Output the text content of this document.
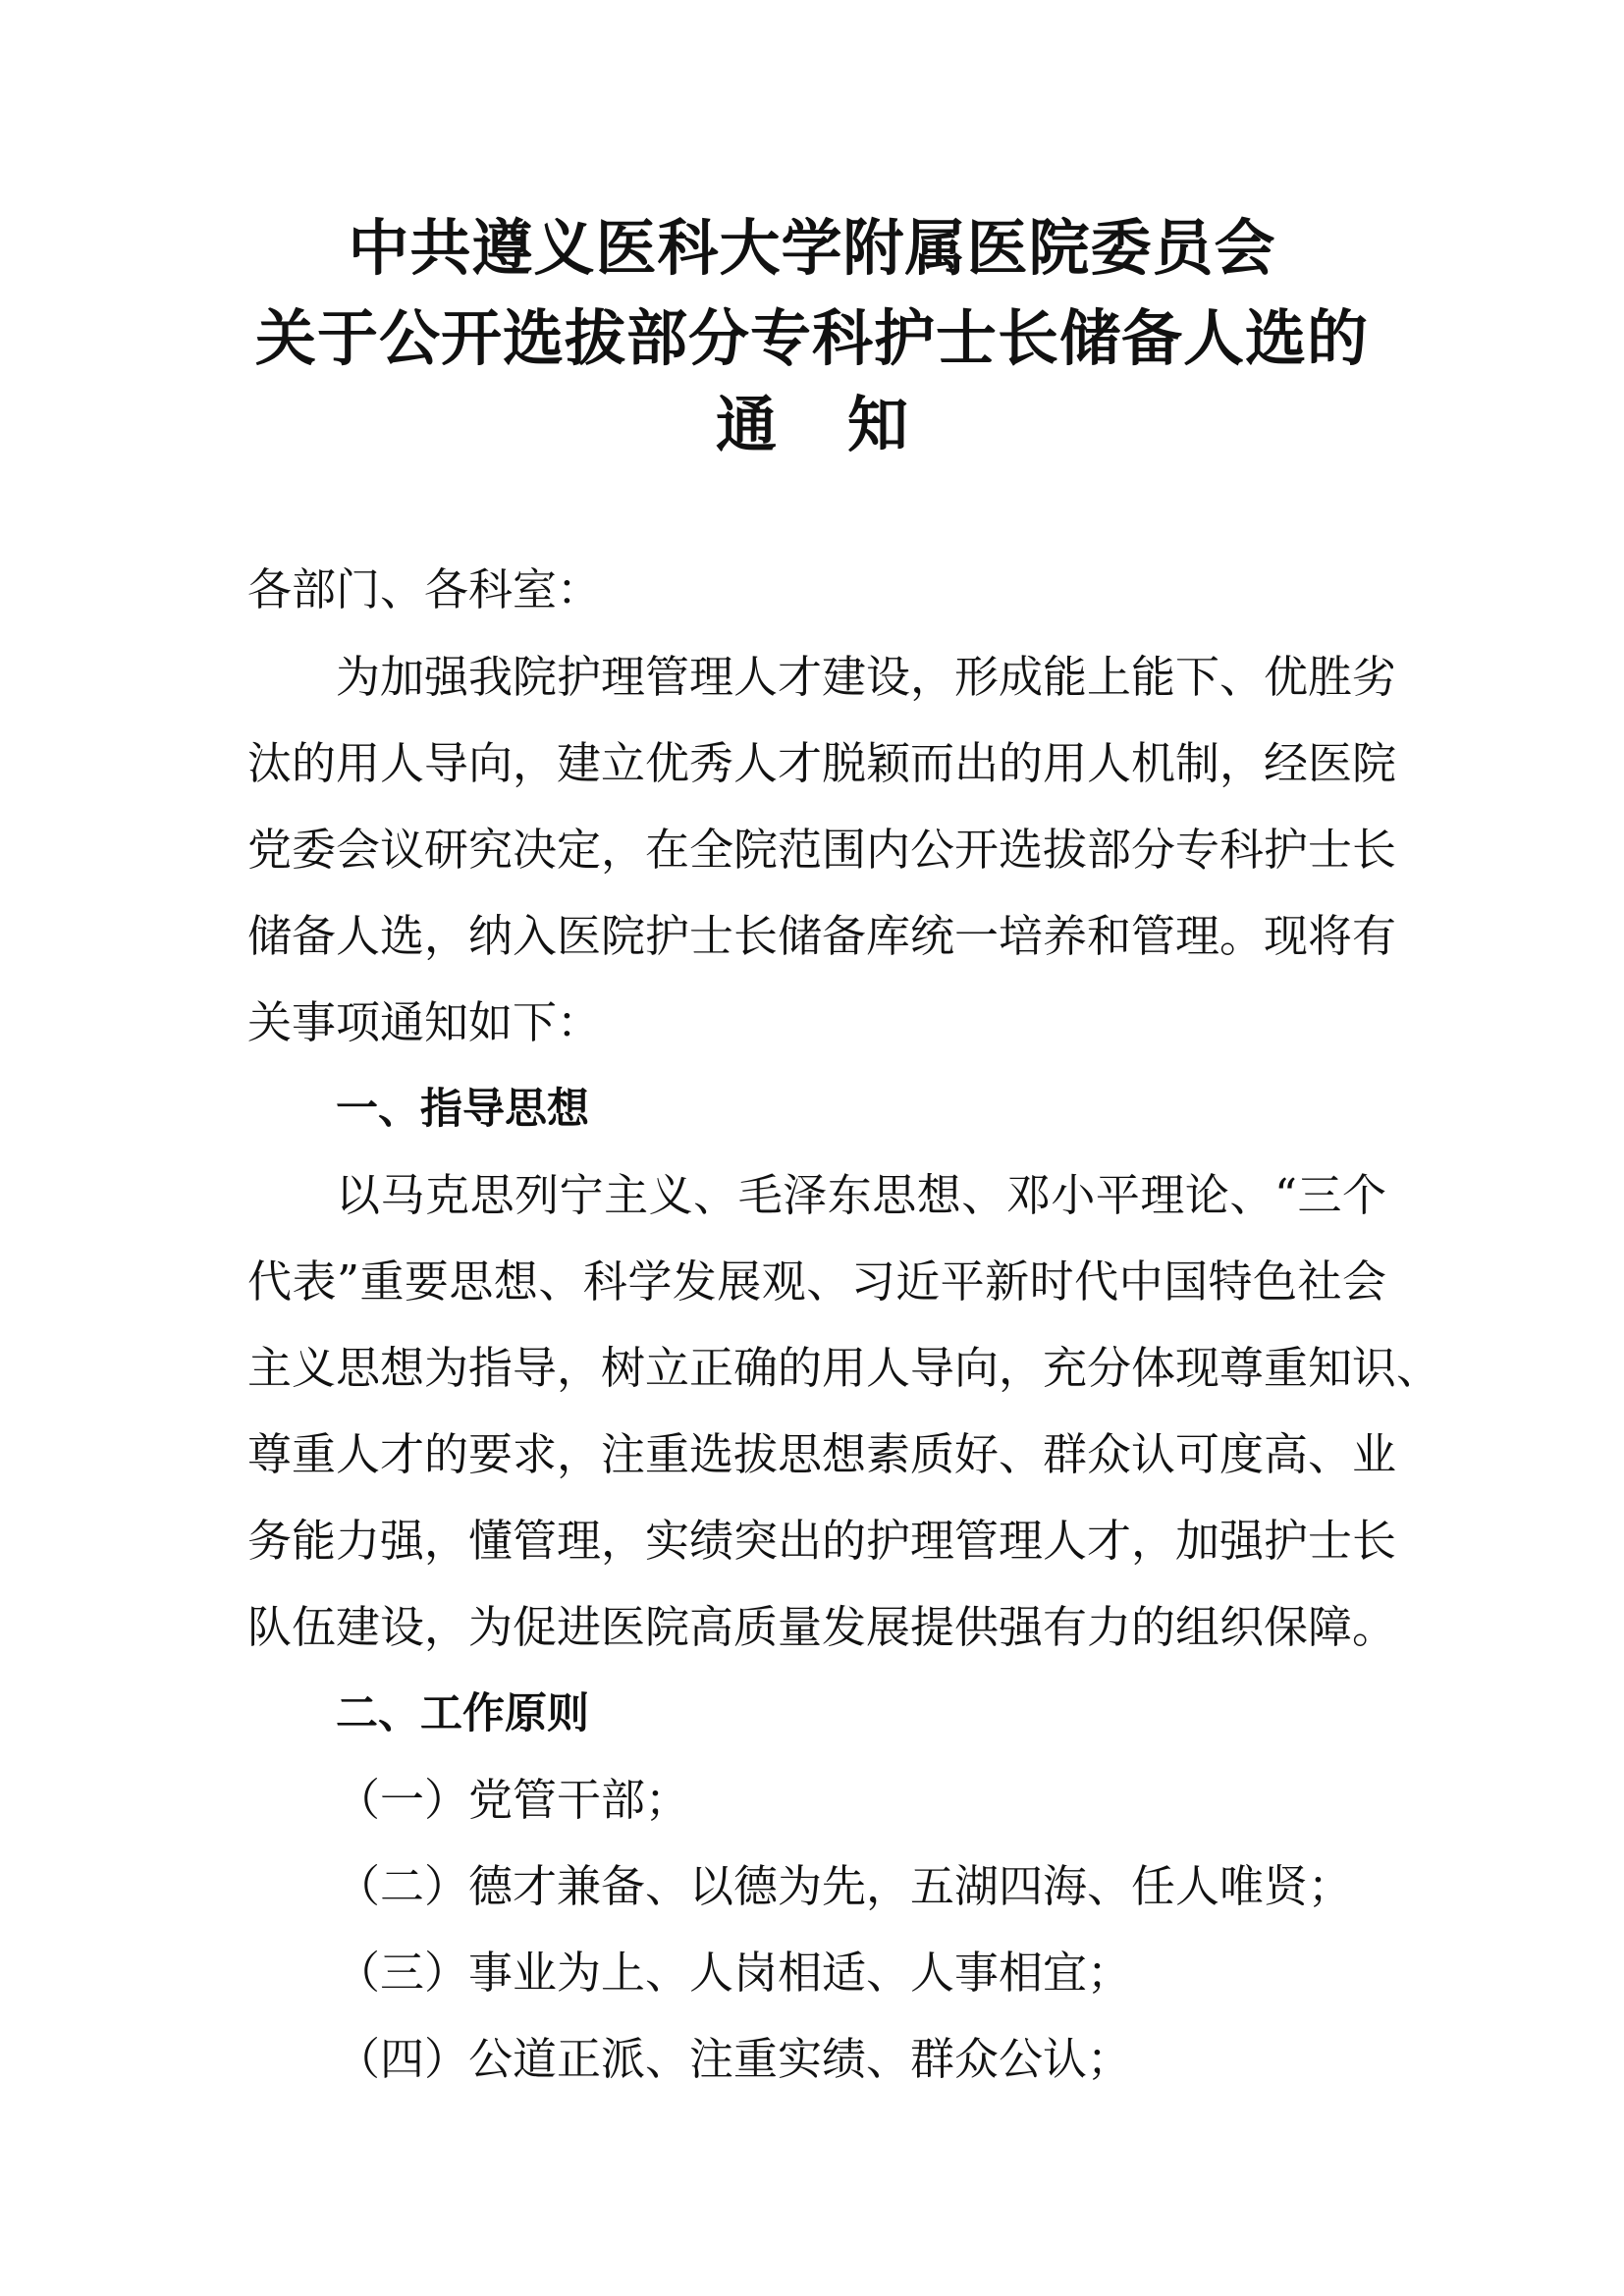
中共遵义医科大学附属医院委员会
关于公开选拔部分专科护士长储备人选的
通 知
各部门、各科室：
为加强我院护理管理人才建设，形成能上能下、优胜劣
汰的用人导向，建立优秀人才脱颖而出的用人机制，经医院
党委会议研究决定，在全院范围内公开选拔部分专科护士长
储备人选，纳入医院护士长储备库统一培养和管理。现将有
关事项通知如下：
一、指导思想
以马克思列宁主义、毛泽东思想、邓小平理论、“三个
代表”重要思想、科学发展观、习近平新时代中国特色社会
主义思想为指导，树立正确的用人导向，充分体现尊重知识、
尊重人才的要求，注重选拔思想素质好、群众认可度高、业
务能力强，懂管理，实绩突出的护理管理人才，加强护士长
队伍建设，为促进医院高质量发展提供强有力的组织保障。
二、工作原则
（一）党管干部；
（二）德才兼备、以德为先，五湖四海、任人唯贤；
（三）事业为上、人岗相适、人事相宜；
（四）公道正派、注重实绩、群众公认；
